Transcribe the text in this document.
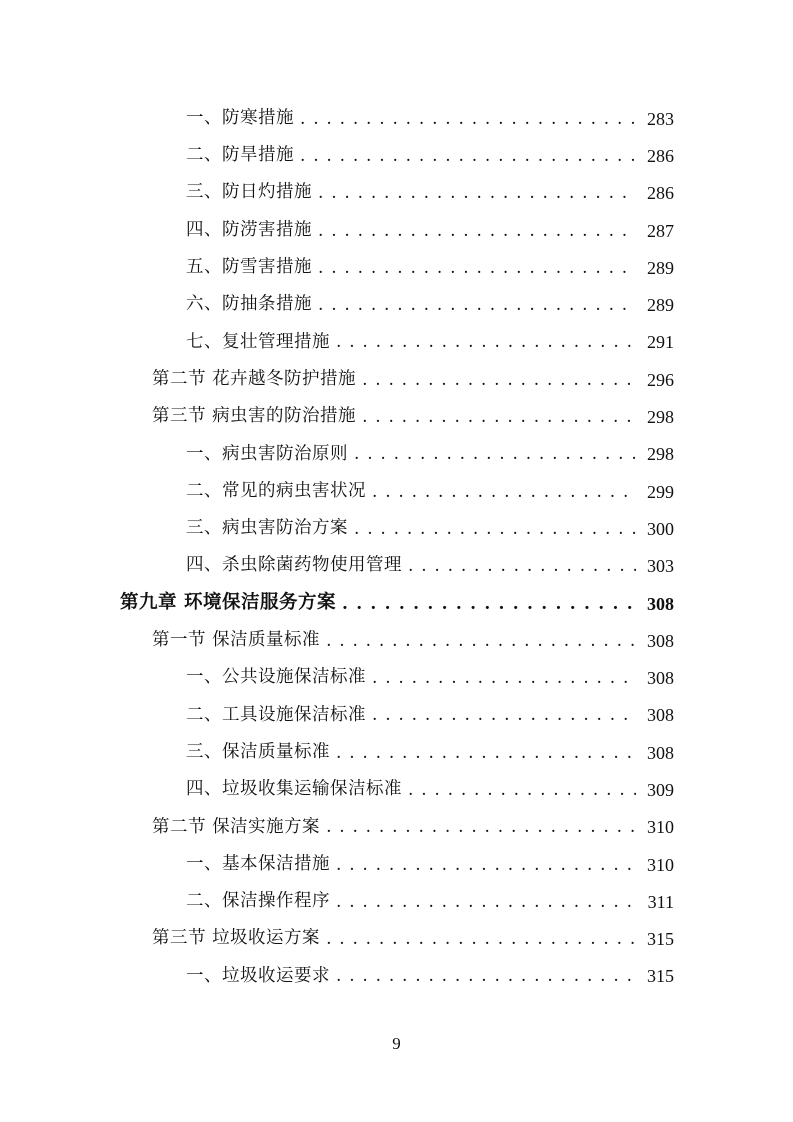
一、防寒措施 . . .	283
二、防旱措施 . . .	286
三、防日灼措施 . . .	286
四、防涝害措施 . . .	287
五、防雪害措施 . . .	289
六、防抽条措施 . . .	289
七、复壮管理措施 . . .	291
第二节 花卉越冬防护措施 . . .	296
第三节 病虫害的防治措施 . . .	298
一、病虫害防治原则 . . .	298
二、常见的病虫害状况 . . .	299
三、病虫害防治方案 . . .	300
四、杀虫除菌药物使用管理 . . .	303
第九章 环境保洁服务方案 . . .	308
第一节 保洁质量标准 . . .	308
一、公共设施保洁标准 . . .	308
二、工具设施保洁标准 . . .	308
三、保洁质量标准 . . .	308
四、垃圾收集运输保洁标准 . . .	309
第二节 保洁实施方案 . . .	310
一、基本保洁措施 . . .	310
二、保洁操作程序 . . .	311
第三节 垃圾收运方案 . . .	315
一、垃圾收运要求 . . .	315
9
